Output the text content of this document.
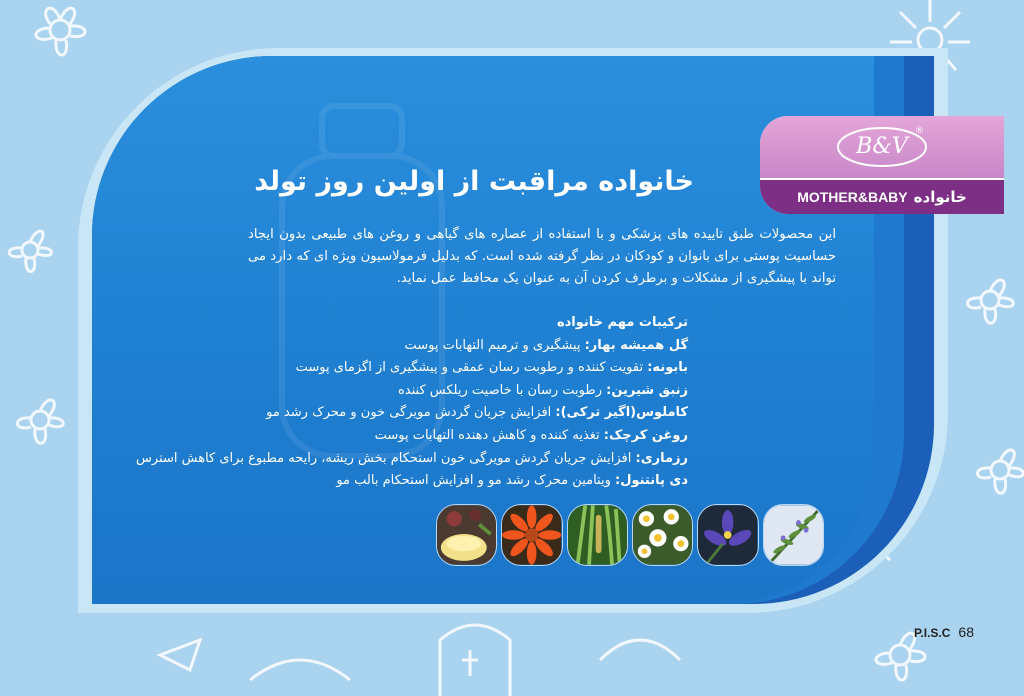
خانواده مراقبت از اولین روز تولد

این محصولات طبق تاییده های پزشکی و با استفاده از عصاره های گیاهی و روغن های طبیعی بدون ایجاد حساسیت پوستی برای بانوان و کودکان در نظر گرفته شده است. که بدلیل فرمولاسیون ویژه ای که دارد می تواند با پیشگیری از مشکلات و برطرف کردن آن به عنوان یک محافظ عمل نماید.

ترکیبات مهم خانواده
گل همیشه بهار: پیشگیری و ترمیم التهابات پوست
بابونه: تقویت کننده و رطوبت رسان عمقی و پیشگیری از اگزمای پوست
زنبق شیرین: رطوبت رسان با خاصیت ریلکس کننده
کاملوس(اگیر ترکی): افزایش جریان گردش مویرگی خون و محرک رشد مو
روغن کرچک: تغذیه کننده و کاهش دهنده التهابات پوست
رزماری: افزایش جریان گردش مویرگی خون استحکام بخش ریشه، رایحه مطبوع برای کاهش استرس
دی پانتنول: ویتامین محرک رشد مو و افزایش استحکام بالب مو
B&V
®
خانواده
MOTHER&BABY
P.I.S.C 68
